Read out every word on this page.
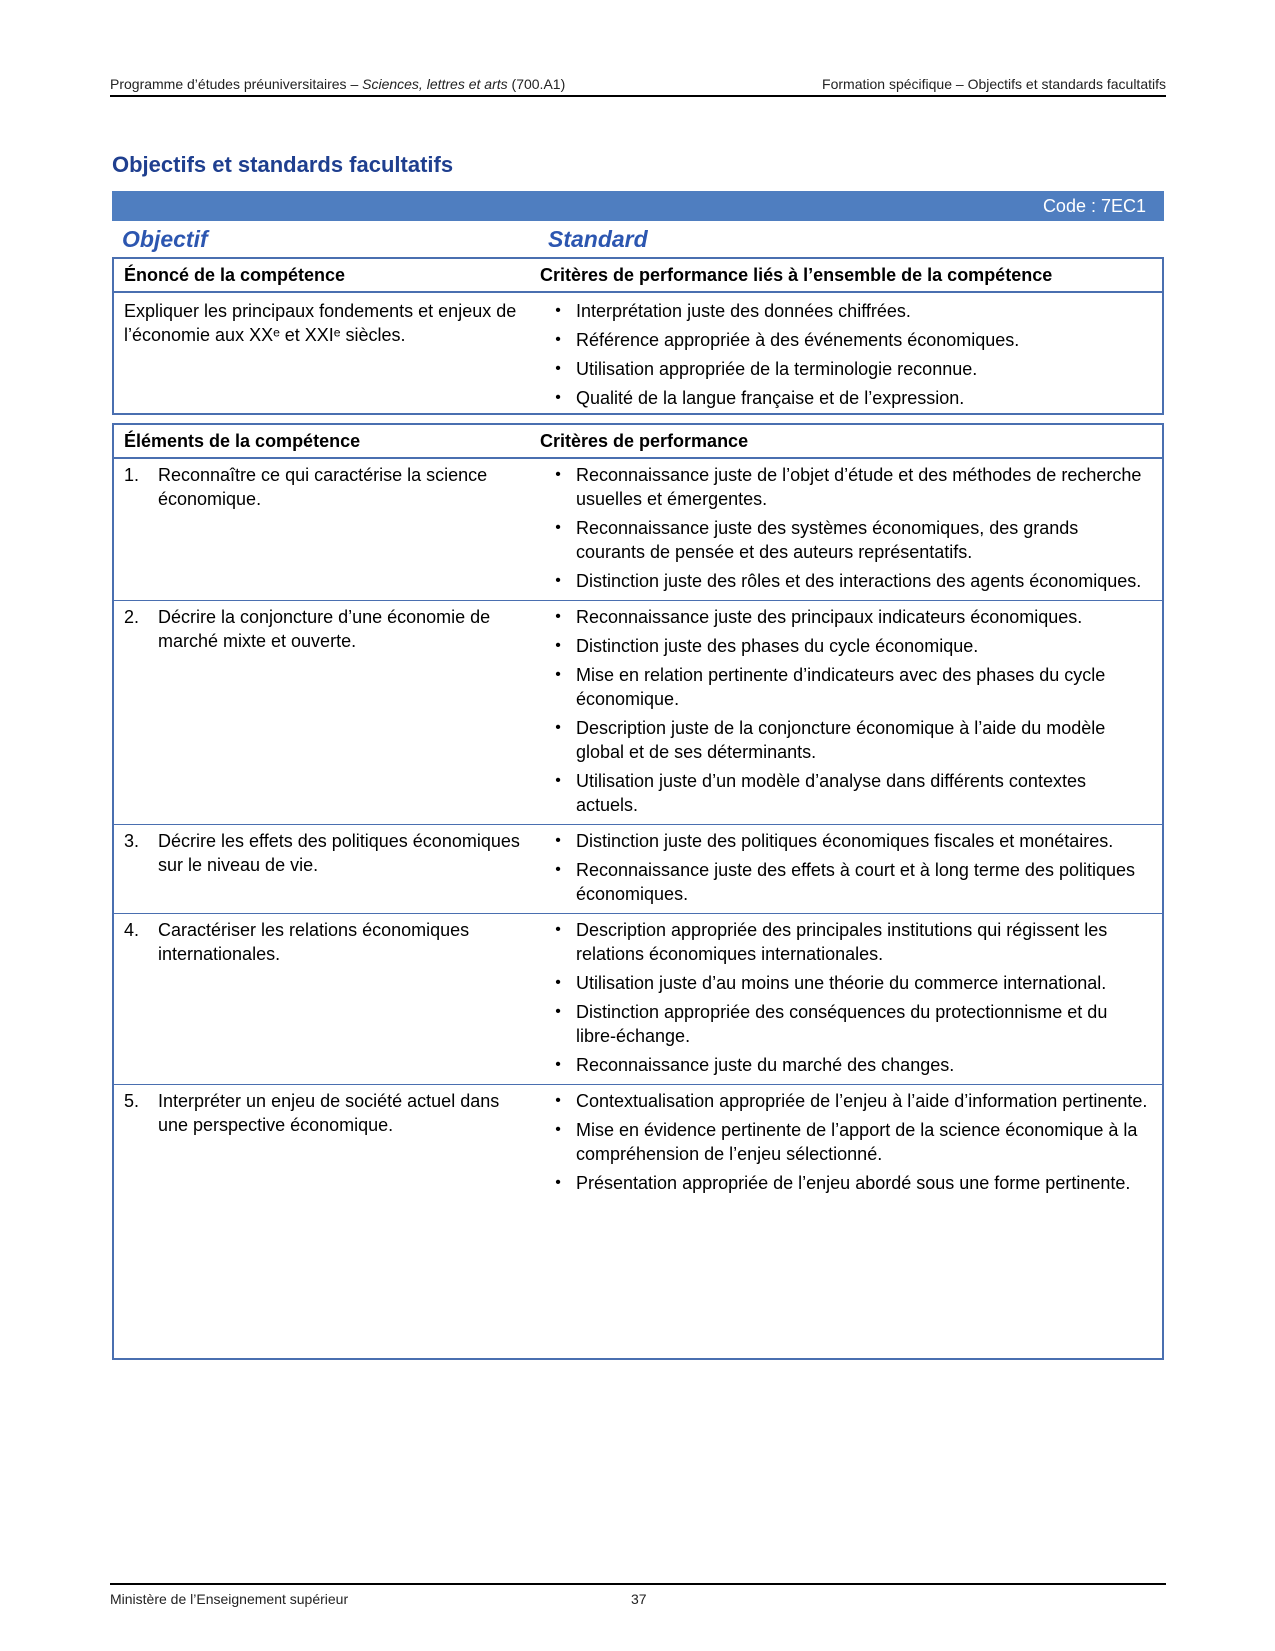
Programme d’études préuniversitaires – Sciences, lettres et arts (700.A1)	Formation spécifique – Objectifs et standards facultatifs
Objectifs et standards facultatifs
Code : 7EC1
Objectif	Standard
Énoncé de la compétence	Critères de performance liés à l’ensemble de la compétence
Expliquer les principaux fondements et enjeux de l’économie aux XXᵉ et XXIᵉ siècles.
• Interprétation juste des données chiffrées.
• Référence appropriée à des événements économiques.
• Utilisation appropriée de la terminologie reconnue.
• Qualité de la langue française et de l’expression.
Éléments de la compétence	Critères de performance
1.	Reconnaître ce qui caractérise la science économique.
• Reconnaissance juste de l’objet d’étude et des méthodes de recherche usuelles et émergentes.
• Reconnaissance juste des systèmes économiques, des grands courants de pensée et des auteurs représentatifs.
• Distinction juste des rôles et des interactions des agents économiques.
2.	Décrire la conjoncture d’une économie de marché mixte et ouverte.
• Reconnaissance juste des principaux indicateurs économiques.
• Distinction juste des phases du cycle économique.
• Mise en relation pertinente d’indicateurs avec des phases du cycle économique.
• Description juste de la conjoncture économique à l’aide du modèle global et de ses déterminants.
• Utilisation juste d’un modèle d’analyse dans différents contextes actuels.
3.	Décrire les effets des politiques économiques sur le niveau de vie.
• Distinction juste des politiques économiques fiscales et monétaires.
• Reconnaissance juste des effets à court et à long terme des politiques économiques.
4.	Caractériser les relations économiques internationales.
• Description appropriée des principales institutions qui régissent les relations économiques internationales.
• Utilisation juste d’au moins une théorie du commerce international.
• Distinction appropriée des conséquences du protectionnisme et du libre-échange.
• Reconnaissance juste du marché des changes.
5.	Interpréter un enjeu de société actuel dans une perspective économique.
• Contextualisation appropriée de l’enjeu à l’aide d’information pertinente.
• Mise en évidence pertinente de l’apport de la science économique à la compréhension de l’enjeu sélectionné.
• Présentation appropriée de l’enjeu abordé sous une forme pertinente.
Ministère de l’Enseignement supérieur	37
